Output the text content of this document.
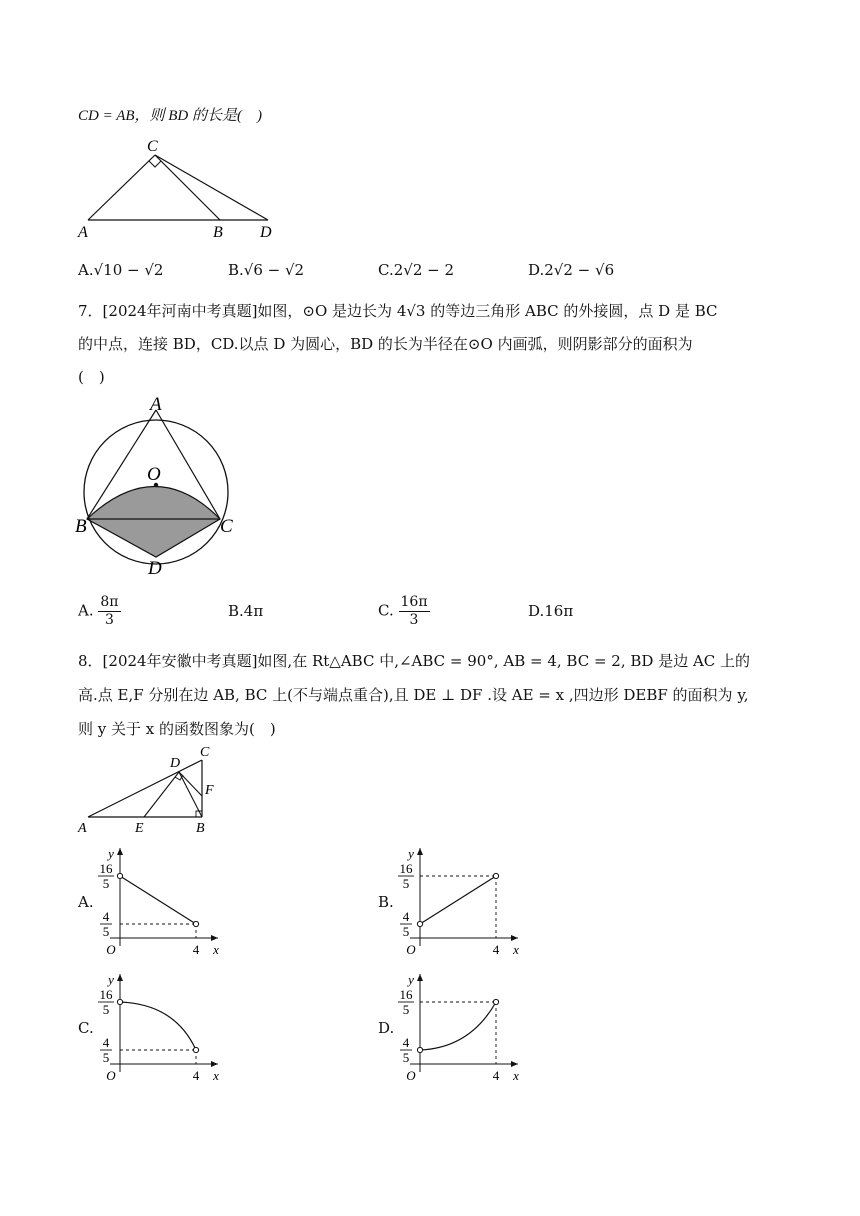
CD = AB，则 BD 的长是(　)
C
A	B D
A.√10 − √2	B.√6 − √2	C.2√2 − 2	D.2√2 − √6
7．[2024年河南中考真题]如图，⊙O 是边长为 4√3 的等边三角形 ABC 的外接圆，点 D 是 BC
的中点，连接 BD，CD.以点 D 为圆心，BD 的长为半径在⊙O 内画弧，则阴影部分的面积为
(　)
A
O
B	C
D
A. $\frac{8\pi}{3}$	B.4π	C. $\frac{16\pi}{3}$	D.16π
8．[2024年安徽中考真题]如图,在 Rt△ABC 中,∠ABC = 90°, AB = 4, BC = 2, BD 是边 AC 上的
高.点 E,F 分别在边 AB, BC 上(不与端点重合),且 DE ⊥ DF .设 AE = x ,四边形 DEBF 的面积为 y,
则 y 关于 x 的函数图象为(　)
D
C
F
A	E	B
A.	B.
C.	D.
y
x
O	4
16
5
4
5
y
x
O	4
16
5
4
5
y
x
O	4
16
5
4
5
y
x
O	4
16
5
4
5
